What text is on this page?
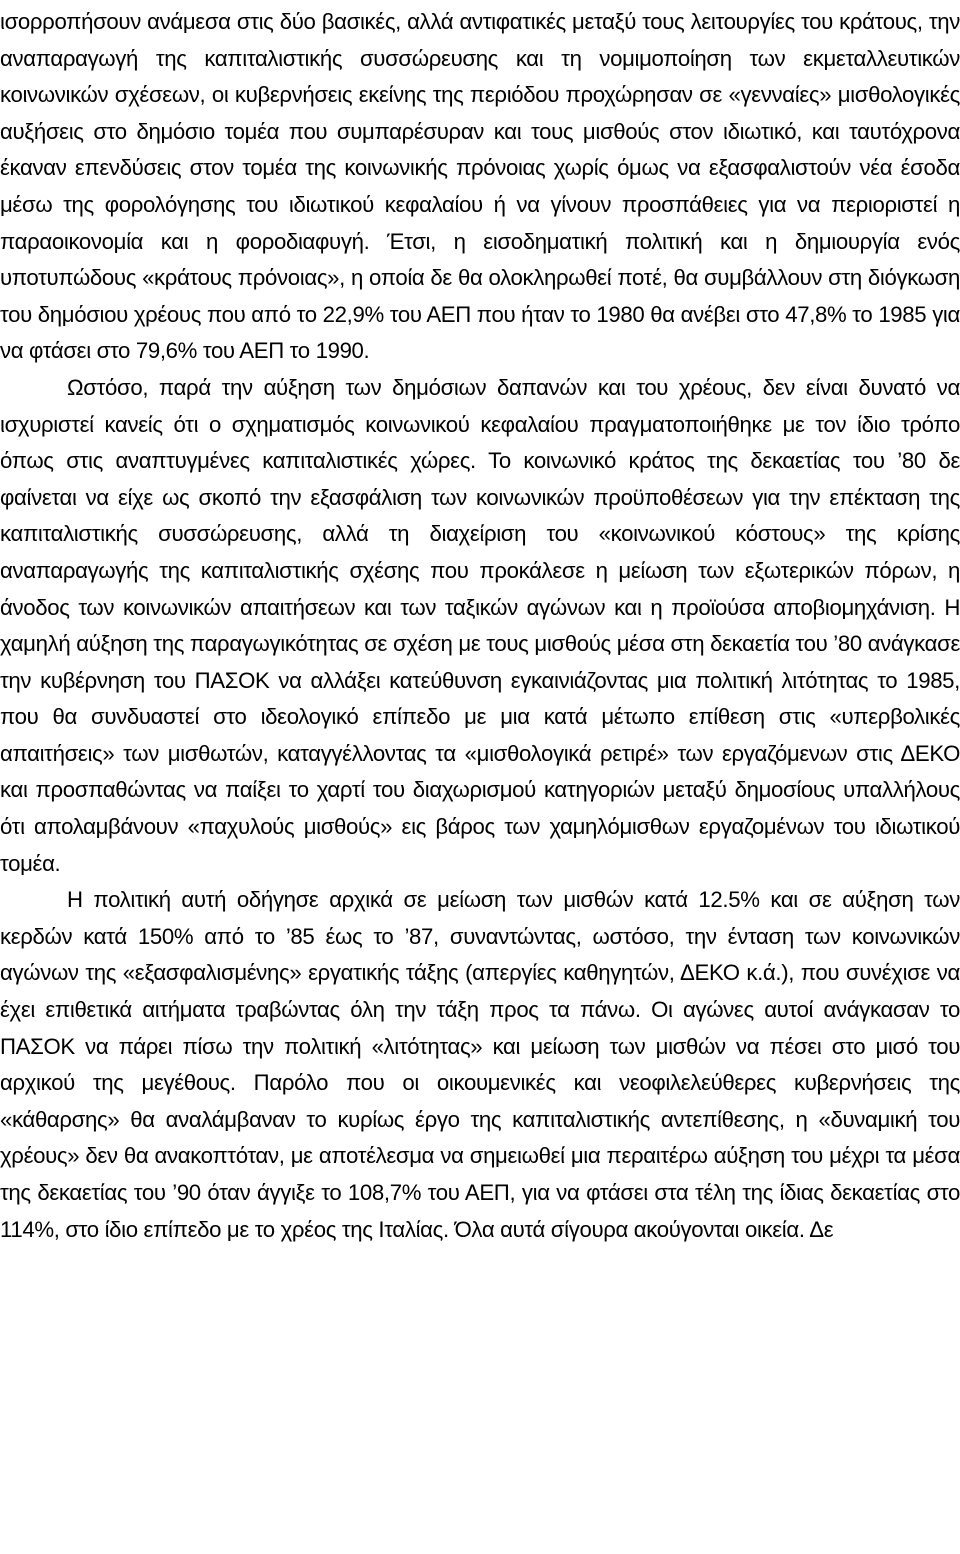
ισορροπήσουν ανάμεσα στις δύο βασικές, αλλά αντιφατικές μεταξύ τους λειτουργίες του κράτους, την αναπαραγωγή της καπιταλιστικής συσσώρευσης και τη νομιμοποίηση των εκμεταλλευτικών κοινωνικών σχέσεων, οι κυβερνήσεις εκείνης της περιόδου προχώρησαν σε «γενναίες» μισθολογικές αυξήσεις στο δημόσιο τομέα που συμπαρέσυραν και τους μισθούς στον ιδιωτικό, και ταυτόχρονα έκαναν επενδύσεις στον τομέα της κοινωνικής πρόνοιας χωρίς όμως να εξασφαλιστούν νέα έσοδα μέσω της φορολόγησης του ιδιωτικού κεφαλαίου ή να γίνουν προσπάθειες για να περιοριστεί η παραοικονομία και η φοροδιαφυγή. Έτσι, η εισοδηματική πολιτική και η δημιουργία ενός υποτυπώδους «κράτους πρόνοιας», η οποία δε θα ολοκληρωθεί ποτέ, θα συμβάλλουν στη διόγκωση του δημόσιου χρέους που από το 22,9% του ΑΕΠ που ήταν το 1980 θα ανέβει στο 47,8% το 1985 για να φτάσει στο 79,6% του ΑΕΠ το 1990.

Ωστόσο, παρά την αύξηση των δημόσιων δαπανών και του χρέους, δεν είναι δυνατό να ισχυριστεί κανείς ότι ο σχηματισμός κοινωνικού κεφαλαίου πραγματοποιήθηκε με τον ίδιο τρόπο όπως στις αναπτυγμένες καπιταλιστικές χώρες. Το κοινωνικό κράτος της δεκαετίας του ’80 δε φαίνεται να είχε ως σκοπό την εξασφάλιση των κοινωνικών προϋποθέσεων για την επέκταση της καπιταλιστικής συσσώρευσης, αλλά τη διαχείριση του «κοινωνικού κόστους» της κρίσης αναπαραγωγής της καπιταλιστικής σχέσης που προκάλεσε η μείωση των εξωτερικών πόρων, η άνοδος των κοινωνικών απαιτήσεων και των ταξικών αγώνων και η προϊούσα αποβιομηχάνιση. Η χαμηλή αύξηση της παραγωγικότητας σε σχέση με τους μισθούς μέσα στη δεκαετία του ’80 ανάγκασε την κυβέρνηση του ΠΑΣΟΚ να αλλάξει κατεύθυνση εγκαινιάζοντας μια πολιτική λιτότητας το 1985, που θα συνδυαστεί στο ιδεολογικό επίπεδο με μια κατά μέτωπο επίθεση στις «υπερβολικές απαιτήσεις» των μισθωτών, καταγγέλλοντας τα «μισθολογικά ρετιρέ» των εργαζόμενων στις ΔΕΚΟ και προσπαθώντας να παίξει το χαρτί του διαχωρισμού κατηγοριών μεταξύ δημοσίους υπαλλήλους ότι απολαμβάνουν «παχυλούς μισθούς» εις βάρος των χαμηλόμισθων εργαζομένων του ιδιωτικού τομέα.

Η πολιτική αυτή οδήγησε αρχικά σε μείωση των μισθών κατά 12.5% και σε αύξηση των κερδών κατά 150% από το ’85 έως το ’87, συναντώντας, ωστόσο, την ένταση των κοινωνικών αγώνων της «εξασφαλισμένης» εργατικής τάξης (απεργίες καθηγητών, ΔΕΚΟ κ.ά.), που συνέχισε να έχει επιθετικά αιτήματα τραβώντας όλη την τάξη προς τα πάνω. Οι αγώνες αυτοί ανάγκασαν το ΠΑΣΟΚ να πάρει πίσω την πολιτική «λιτότητας» και μείωση των μισθών να πέσει στο μισό του αρχικού της μεγέθους. Παρόλο που οι οικουμενικές και νεοφιλελεύθερες κυβερνήσεις της «κάθαρσης» θα αναλάμβαναν το κυρίως έργο της καπιταλιστικής αντεπίθεσης, η «δυναμική του χρέους» δεν θα ανακοπτόταν, με αποτέλεσμα να σημειωθεί μια περαιτέρω αύξηση του μέχρι τα μέσα της δεκαετίας του ’90 όταν άγγιξε το 108,7% του ΑΕΠ, για να φτάσει στα τέλη της ίδιας δεκαετίας στο 114%, στο ίδιο επίπεδο με το χρέος της Ιταλίας. Όλα αυτά σίγουρα ακούγονται οικεία. Δε
